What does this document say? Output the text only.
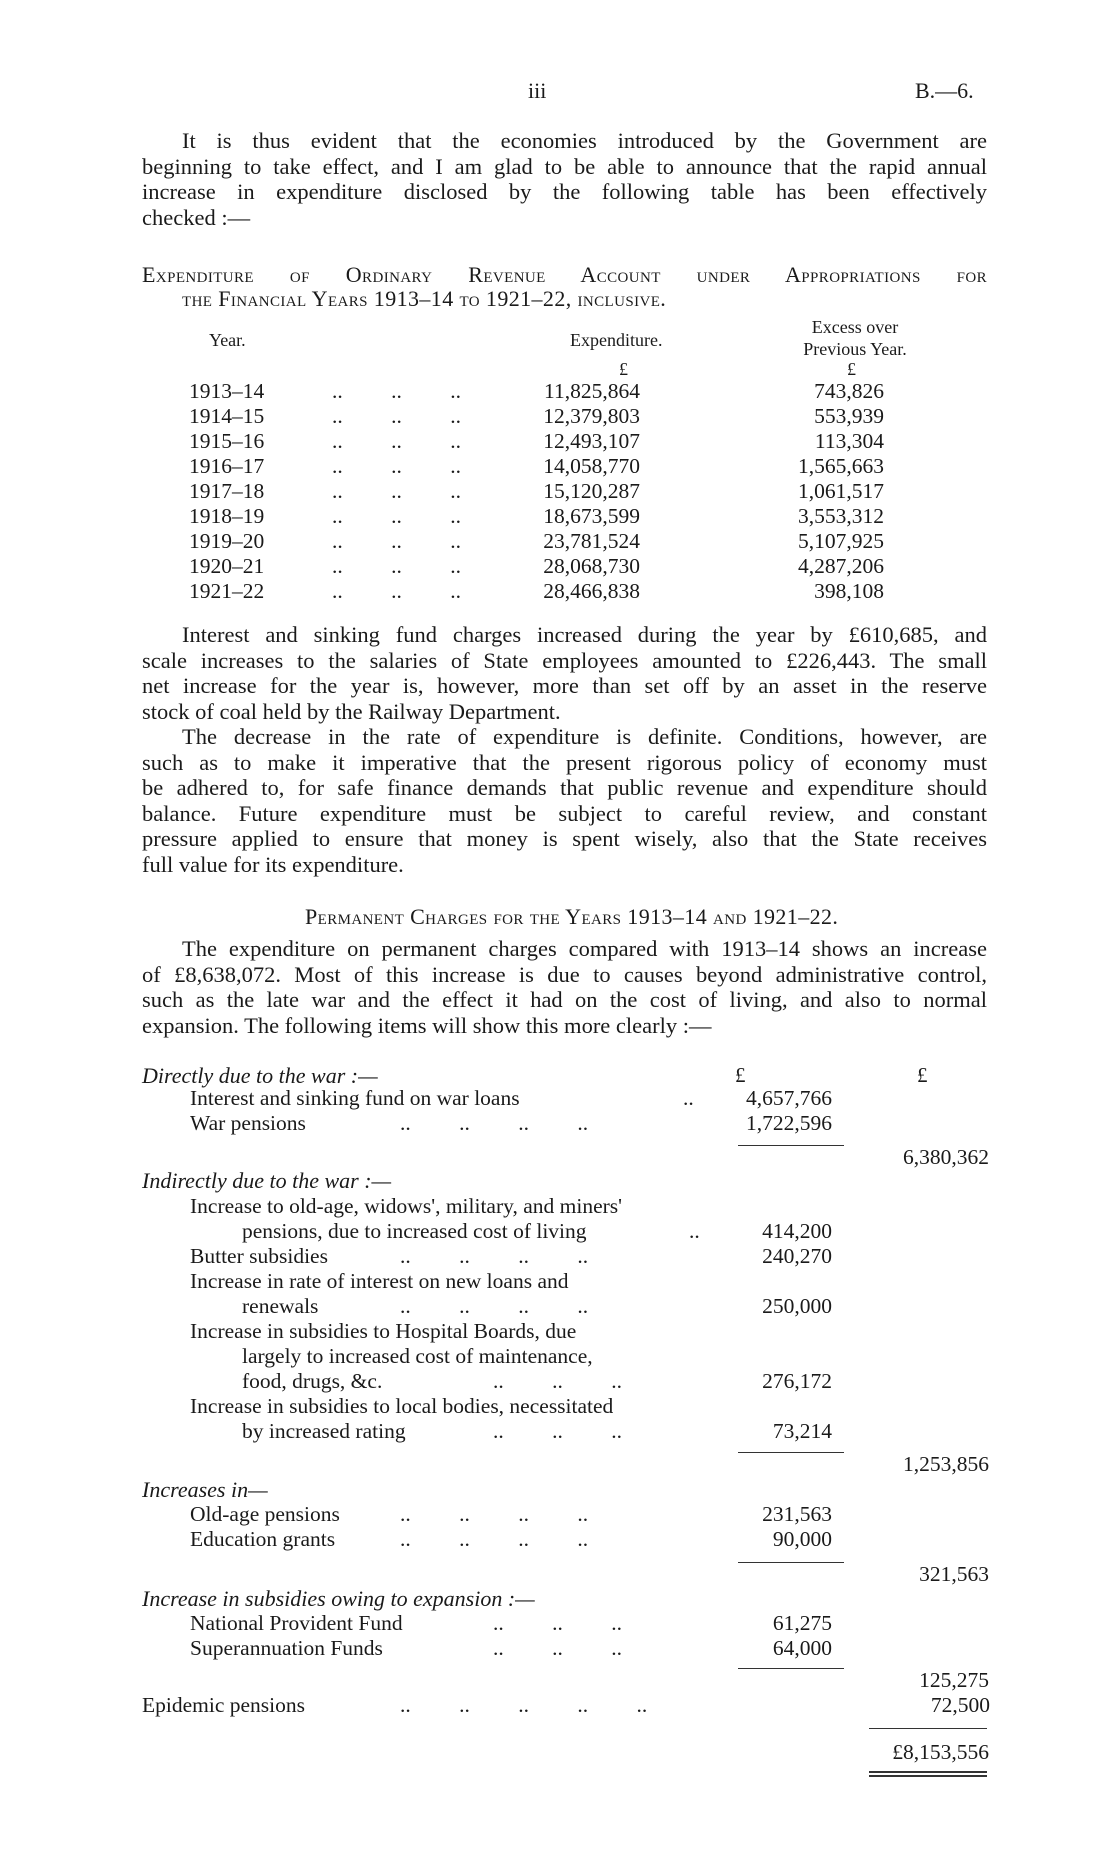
iii	B.—6.
It is thus evident that the economies introduced by the Government are
beginning to take effect, and I am glad to be able to announce that the rapid annual
increase in expenditure disclosed by the following table has been effectively
checked :—
Expenditure of Ordinary Revenue Account under Appropriations for
the Financial Years 1913–14 to 1921–22, inclusive.
Year.	Expenditure.
Excess over
Previous Year.
£	£
1913–14	..         ..         ..	11,825,864	743,826
1914–15	..         ..         ..	12,379,803	553,939
1915–16	..         ..         ..	12,493,107	113,304
1916–17	..         ..         ..	14,058,770	1,565,663
1917–18	..         ..         ..	15,120,287	1,061,517
1918–19	..         ..         ..	18,673,599	3,553,312
1919–20	..         ..         ..	23,781,524	5,107,925
1920–21	..         ..         ..	28,068,730	4,287,206
1921–22	..         ..         ..	28,466,838	398,108
Interest and sinking fund charges increased during the year by £610,685, and
scale increases to the salaries of State employees amounted to £226,443. The small
net increase for the year is, however, more than set off by an asset in the reserve
stock of coal held by the Railway Department.
The decrease in the rate of expenditure is definite. Conditions, however, are
such as to make it imperative that the present rigorous policy of economy must
be adhered to, for safe finance demands that public revenue and expenditure should
balance. Future expenditure must be subject to careful review, and constant
pressure applied to ensure that money is spent wisely, also that the State receives
full value for its expenditure.
Permanent Charges for the Years 1913–14 and 1921–22.
The expenditure on permanent charges compared with 1913–14 shows an increase
of £8,638,072. Most of this increase is due to causes beyond administrative control,
such as the late war and the effect it had on the cost of living, and also to normal
expansion. The following items will show this more clearly :—
£	£
Directly due to the war :—
Interest and sinking fund on war loans	.. 4,657,766
War pensions	..         ..         ..         ..	1,722,596
6,380,362
Indirectly due to the war :—
Increase to old-age, widows', military, and miners'
pensions, due to increased cost of living	..	414,200
Butter subsidies	..         ..         ..         ..	240,270
Increase in rate of interest on new loans and
renewals	..         ..         ..         ..	250,000
Increase in subsidies to Hospital Boards, due
largely to increased cost of maintenance,
food, drugs, &c.	..         ..         ..	276,172
Increase in subsidies to local bodies, necessitated
by increased rating	..         ..         ..	73,214
1,253,856
Increases in—
Old-age pensions	..         ..         ..         ..	231,563
Education grants	..         ..         ..         ..	90,000
321,563
Increase in subsidies owing to expansion :—
National Provident Fund	..         ..         ..	61,275
Superannuation Funds	..         ..         ..	64,000
125,275
Epidemic pensions	..         ..         ..         ..         ..	72,500
£8,153,556
